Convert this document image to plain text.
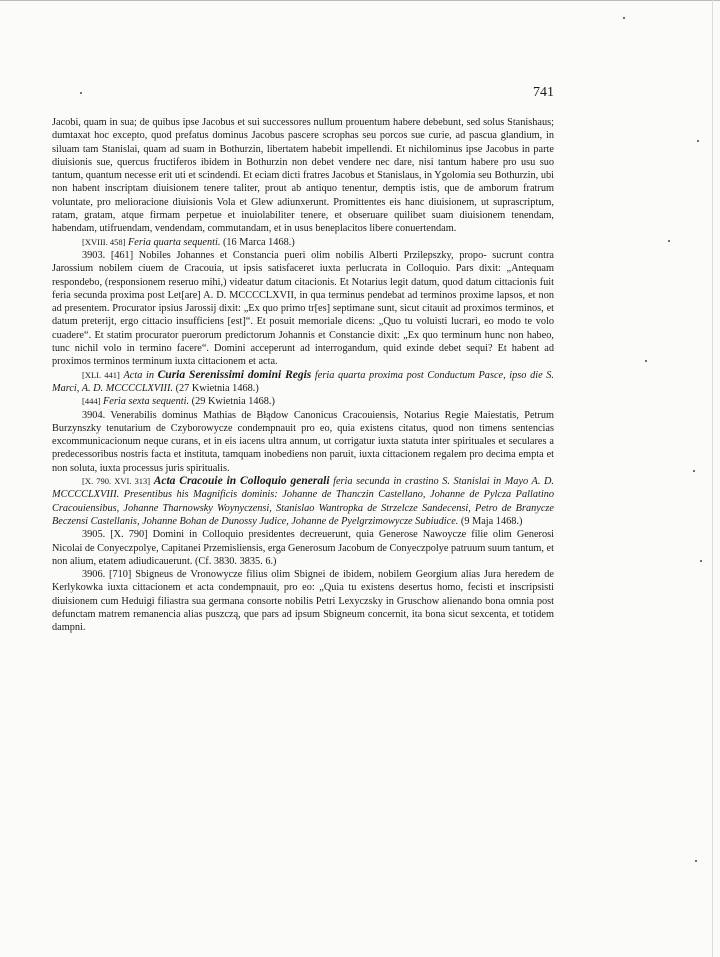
741

Jacobi, quam in sua; de quibus ipse Jacobus et sui successores nullum prouentum habere debebunt, sed solus Stanishaus; dumtaxat hoc excepto, quod prefatus dominus Jacobus pascere scrophas seu porcos sue curie, ad pascua glandium, in siluam tam Stanislai, quam ad suam in Bothurzin, libertatem habebit impellendi. Et nichilominus ipse Jacobus in parte diuisionis sue, quercus fructiferos ibidem in Bothurzin non debet vendere nec dare, nisi tantum habere pro usu suo tantum, quantum necesse erit uti et scindendi. Et eciam dicti fratres Jacobus et Stanislaus, in Ygolomia seu Bothurzin, ubi non habent inscriptam diuisionem tenere taliter, prout ab antiquo tenentur, demptis istis, que de amborum fratrum voluntate, pro melioracione diuisionis Vola et Glew adiunxerunt. Promittentes eis hanc diuisionem, ut suprascriptum, ratam, gratam, atque firmam perpetue et inuiolabiliter tenere, et obseruare quilibet suam diuisionem tenendam, habendam, utifruendam, vendendam, commutandam, et in usus beneplacitos libere conuertendam.

[XVIII. 458] Feria quarta sequenti. (16 Marca 1468.)

3903. [461] Nobiles Johannes et Constancia pueri olim nobilis Alberti Przilepszky, propo- sucrunt contra Jarossium nobilem ciuem de Cracouia, ut ipsis satisfaceret iuxta perlucrata in Colloquio. Pars dixit: „Antequam respondebo, (responsionem reseruo mihi,) videatur datum citacionis. Et Notarius legit datum, quod datum cittacionis fuit feria secunda proxima post Let[are] A. D. MCCCCLXVII, in qua terminus pendebat ad terminos proxime lapsos, et non ad presentem. Procurator ipsius Jarossij dixit: „Ex quo primo tr[es] septimane sunt, sicut citauit ad proximos terminos, et datum preterijt, ergo cittacio insufficiens [est]“. Et posuit memoriale dicens: „Quo tu voluisti lucrari, eo modo te volo cuadere“. Et statim procurator puerorum predictorum Johannis et Constancie dixit: „Ex quo terminum hunc non habeo, tunc nichil volo in termino facere“. Domini acceperunt ad interrogandum, quid exinde debet sequi? Et habent ad proximos terminos terminum iuxta cittacionem et acta.

[XLI. 441] Acta in Curia Serenissimi domini Regis feria quarta proxima post Conductum Pasce, ipso die S. Marci, A. D. MCCCCLXVIII. (27 Kwietnia 1468.)

[444] Feria sexta sequenti. (29 Kwietnia 1468.)

3904. Venerabilis dominus Mathias de Błądow Canonicus Cracouiensis, Notarius Regie Maiestatis, Petrum Burzynszky tenutarium de Czyborowycze condempnauit pro eo, quia existens citatus, quod non timens sentencias excommunicacionum neque curans, et in eis iacens ultra annum, ut corrigatur iuxta statuta inter spirituales et seculares a predecessoribus nostris facta et instituta, tamquam inobediens non paruit, iuxta cittacionem regalem pro decima empta et non soluta, iuxta processus juris spiritualis.

[X. 790. XVI. 313] Acta Cracouie in Colloquio generali feria secunda in crastino S. Stanislai in Mayo A. D. MCCCCLXVIII. Presentibus his Magnificis dominis: Johanne de Thanczin Castellano, Johanne de Pylcza Pallatino Cracouiensibus, Johanne Tharnowsky Woynyczensi, Stanislao Wantropka de Strzelcze Sandecensi, Petro de Branycze Beczensi Castellanis, Johanne Bohan de Dunossy Judice, Johanne de Pyelgrzimowycze Subiudice. (9 Maja 1468.)

3905. [X. 790] Domini in Colloquio presidentes decreuerunt, quia Generose Nawoycze filie olim Generosi Nicolai de Conyeczpolye, Capitanei Przemisliensis, erga Generosum Jacobum de Conyeczpolye patruum suum tantum, et non alium, etatem adiudicauerunt. (Cf. 3830. 3835. 6.)

3906. [710] Sbigneus de Vronowycze filius olim Sbignei de ibidem, nobilem Georgium alias Jura heredem de Kerlykowka iuxta cittacionem et acta condempnauit, pro eo: „Quia tu existens desertus homo, fecisti et inscripsisti diuisionem cum Heduigi filiastra sua germana consorte nobilis Petri Lexyczsky in Gruschow alienando bona omnia post defunctam matrem remanencia alias puszczą, que pars ad ipsum Sbigneum concernit, ita bona sicut sexcenta, et totidem dampni.
